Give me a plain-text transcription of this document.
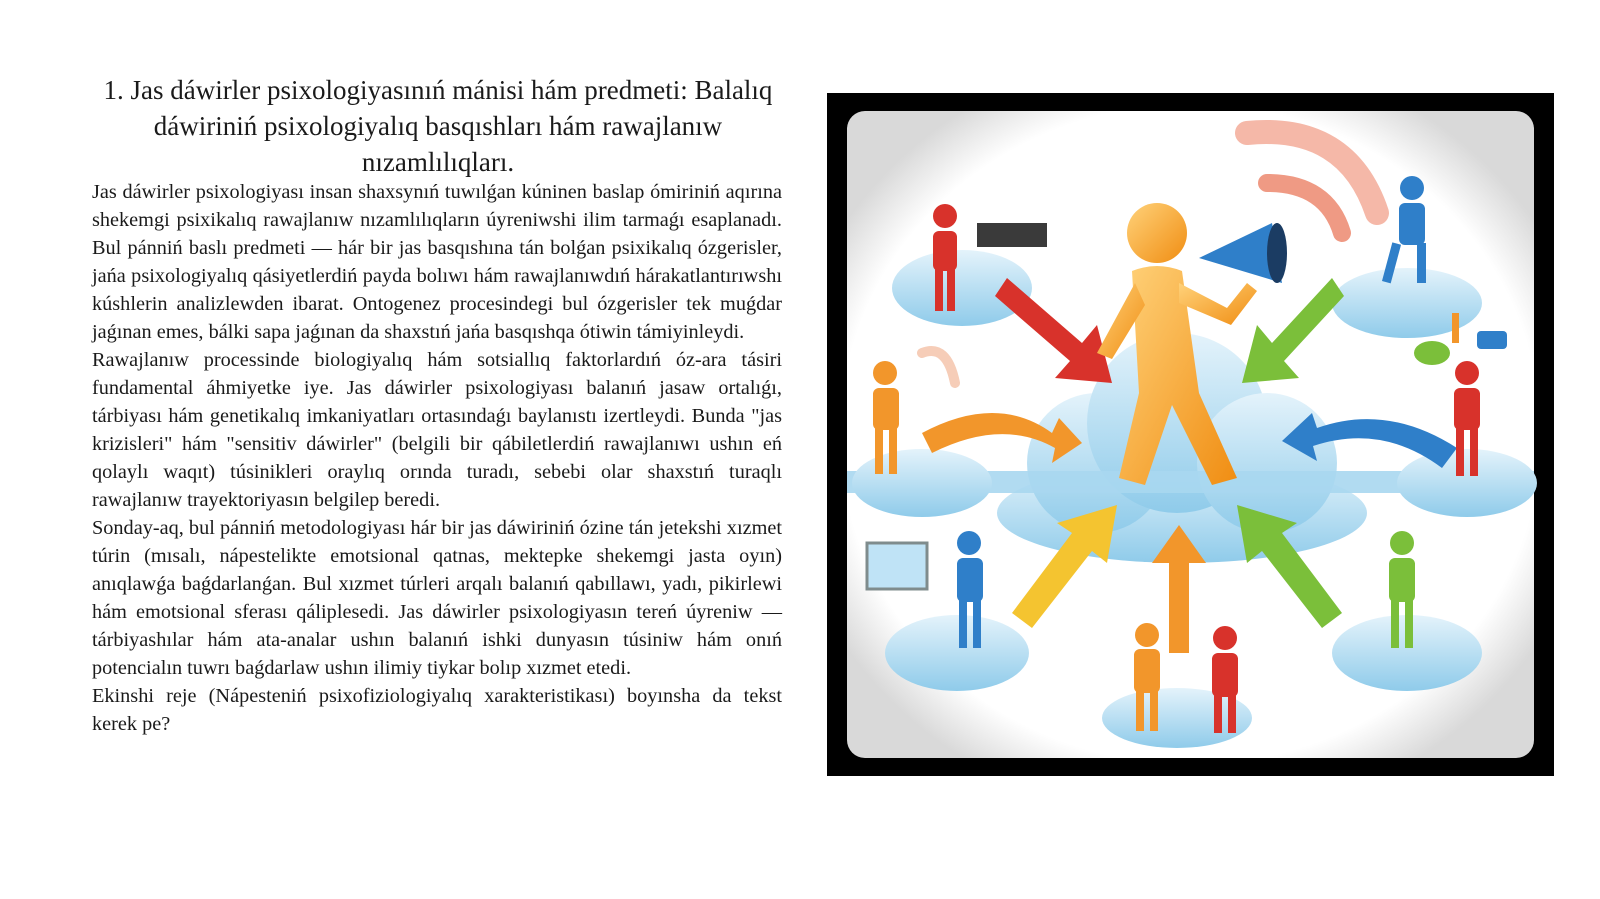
1. Jas dáwirler psixologiyasınıń mánisi hám predmeti: Balalıq dáwiriniń psixologiyalıq basqıshları hám rawajlanıw nızamlılıqları.

Jas dáwirler psixologiyası insan shaxsynıń tuwılǵan kúninen baslap ómiriniń aqırına shekemgi psixikalıq rawajlanıw nızamlılıqların úyreniwshi ilim tarmaǵı esaplanadı. Bul pánniń baslı predmeti — hár bir jas basqıshına tán bolǵan psixikalıq ózgerisler, jańa psixologiyalıq qásiyetlerdiń payda bolıwı hám rawajlanıwdıń hárakatlantırıwshı kúshlerin analizlewden ibarat. Ontogenez procesindegi bul ózgerisler tek muǵdar jaǵınan emes, bálki sapa jaǵınan da shaxstıń jańa basqıshqa ótiwin támiyinleydi.

Rawajlanıw processinde biologiyalıq hám sotsiallıq faktorlardıń óz-ara tásiri fundamental áhmiyetke iye. Jas dáwirler psixologiyası balanıń jasaw ortalıǵı, tárbiyası hám genetikalıq imkaniyatları ortasındaǵı baylanıstı izertleydi. Bunda "jas krizisleri" hám "sensitiv dáwirler" (belgili bir qábiletlerdiń rawajlanıwı ushın eń qolaylı waqıt) túsinikleri oraylıq orında turadı, sebebi olar shaxstıń turaqlı rawajlanıw trayektoriyasın belgilep beredi.

Sonday-aq, bul pánniń metodologiyası hár bir jas dáwiriniń ózine tán jetekshi xızmet túrin (mısalı, nápestelikte emotsional qatnas, mektepke shekemgi jasta oyın) anıqlawǵa baǵdarlanǵan. Bul xızmet túrleri arqalı balanıń qabıllawı, yadı, pikirlewi hám emotsional sferası qáliplesedi. Jas dáwirler psixologiyasın tereń úyreniw — tárbiyashılar hám ata-analar ushın balanıń ishki dunyasın túsiniw hám onıń potencialın tuwrı baǵdarlaw ushın ilimiy tiykar bolıp xızmet etedi.

Ekinshi reje (Nápesteniń psixofiziologiyalıq xarakteristikası) boyınsha da tekst kerek pe?
